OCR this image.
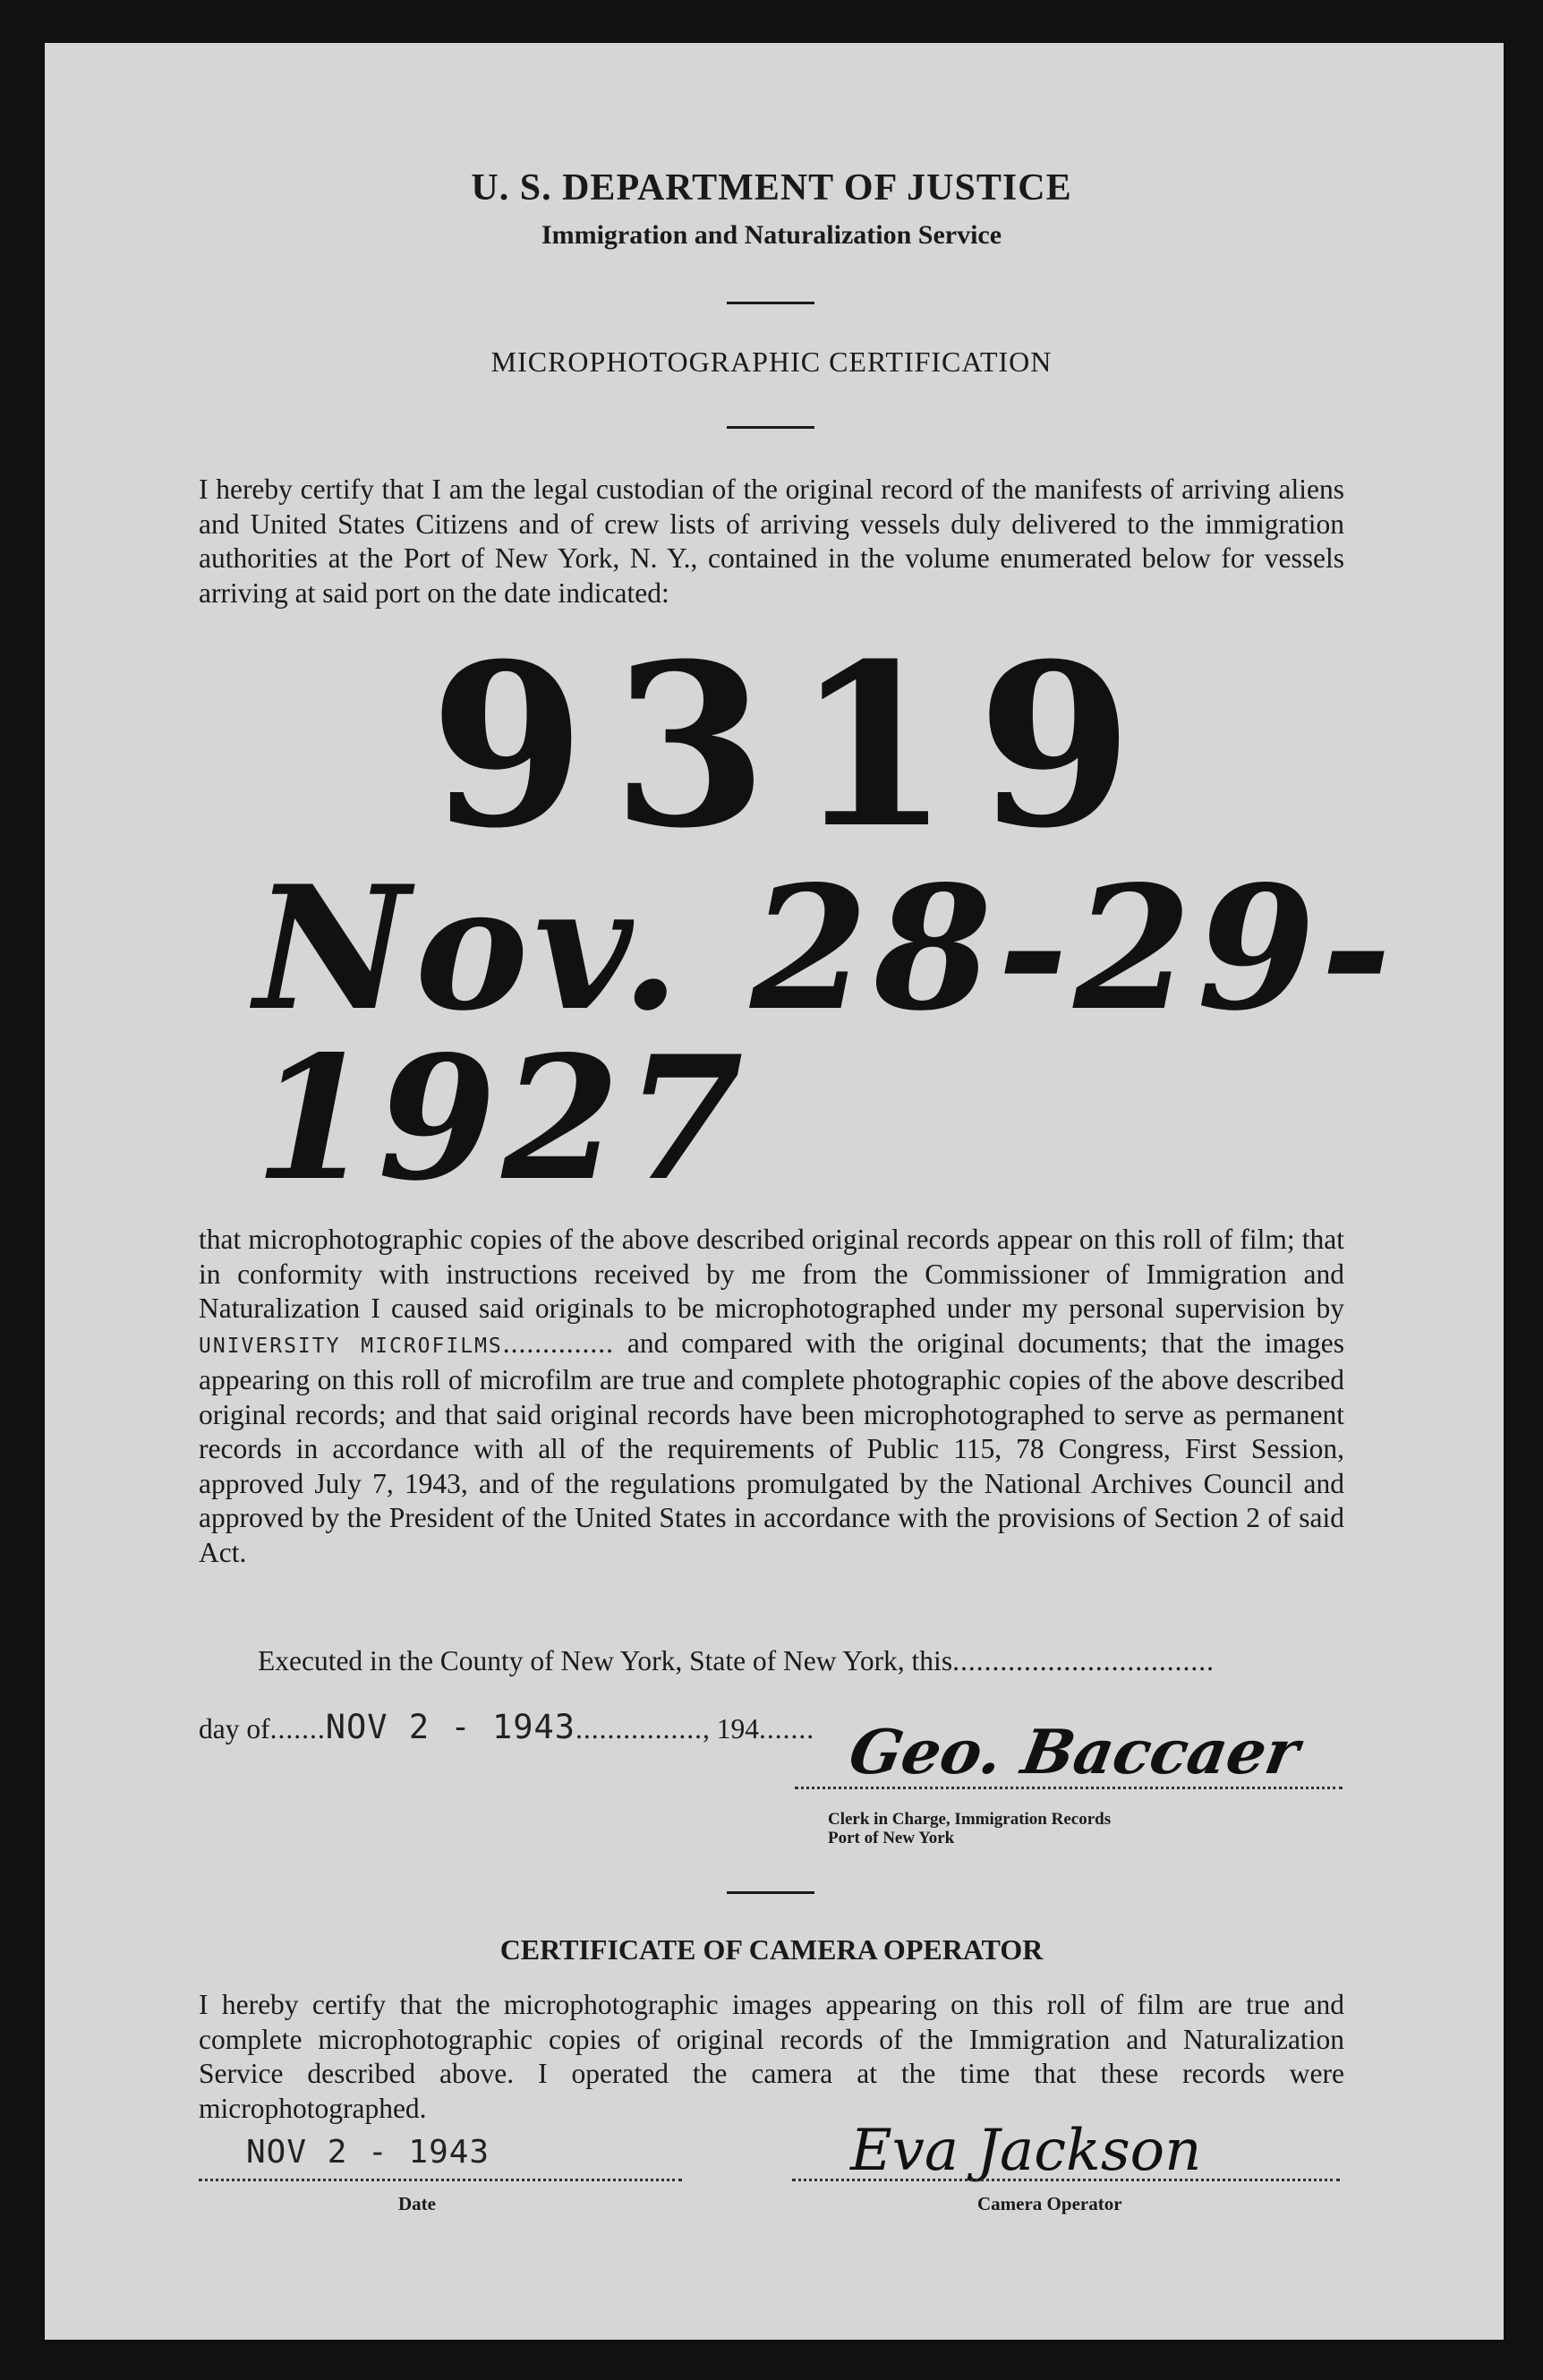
U. S. DEPARTMENT OF JUSTICE
Immigration and Naturalization Service
MICROPHOTOGRAPHIC CERTIFICATION
I hereby certify that I am the legal custodian of the original record of the manifests of arriving aliens and United States Citizens and of crew lists of arriving vessels duly delivered to the immigration authorities at the Port of New York, N. Y., contained in the volume enumerated below for vessels arriving at said port on the date indicated:
9319
Nov. 28-29-1927
that microphotographic copies of the above described original records appear on this roll of film; that in conformity with instructions received by me from the Commissioner of Immigration and Naturalization I caused said originals to be microphotographed under my personal supervision by UNIVERSITY MICROFILMS.............. and compared with the original documents; that the images appearing on this roll of microfilm are true and complete photographic copies of the above described original records; and that said original records have been microphotographed to serve as permanent records in accordance with all of the requirements of Public 115, 78 Congress, First Session, approved July 7, 1943, and of the regulations promulgated by the National Archives Council and approved by the President of the United States in accordance with the provisions of Section 2 of said Act.
Executed in the County of New York, State of New York, this.................................
day of.......NOV 2 - 1943................, 194....... Geo. Baccaer
Clerk in Charge, Immigration Records
Port of New York
CERTIFICATE OF CAMERA OPERATOR
I hereby certify that the microphotographic images appearing on this roll of film are true and complete microphotographic copies of original records of the Immigration and Naturalization Service described above. I operated the camera at the time that these records were microphotographed.
NOV 2 - 1943
Date
Eva Jackson
Camera Operator
